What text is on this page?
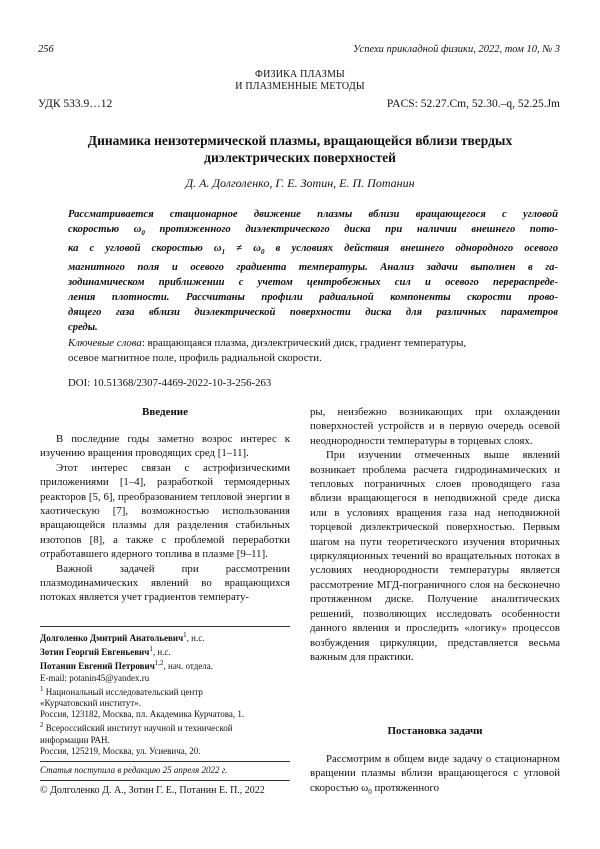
256	Успехи прикладной физики, 2022, том 10, № 3
ФИЗИКА ПЛАЗМЫ
И ПЛАЗМЕННЫЕ МЕТОДЫ
УДК 533.9…12	PACS: 52.27.Cm, 52.30.–q, 52.25.Jm
Динамика неизотермической плазмы, вращающейся вблизи твердых
диэлектрических поверхностей
Д. А. Долголенко, Г. Е. Зотин, Е. П. Потанин
Рассматривается стационарное движение плазмы вблизи вращающегося с угловой
скоростью $\omega_0$ протяженного диэлектрического диска при наличии внешнего пото-
ка с угловой скоростью $\omega_1 \ne \omega_0$ в условиях действия внешнего однородного осевого
магнитного поля и осевого градиента температуры. Анализ задачи выполнен в га-
зодинамическом приближении с учетом центробежных сил и осевого перераспреде-
ления плотности. Рассчитаны профили радиальной компоненты скорости прово-
дящего газа вблизи диэлектрической поверхности диска для различных параметров
среды.
Ключевые слова: вращающаяся плазма, диэлектрический диск, градиент температуры,
осевое магнитное поле, профиль радиальной скорости.
DOI: 10.51368/2307-4469-2022-10-3-256-263
Введение

В последние годы заметно возрос интерес к изучению вращения проводящих сред [1–11].

Этот интерес связан с астрофизическими приложениями [1–4], разработкой термоядерных реакторов [5, 6], преобразованием тепловой энергии в хаотическую [7], возможностью использования вращающейся плазмы для разделения стабильных изотопов [8], а также с проблемой переработки отработавшего ядерного топлива в плазме [9–11].

Важной задачей при рассмотрении плазмодинамических явлений во вращающихся потоках является учет градиентов температу-

Долголенко Дмитрий Анатольевич$^1$, н.с.
Зотин Георгий Евгеньевич$^1$, н.с.
Потанин Евгений Петрович$^{1,2}$, нач. отдела.
E-mail: potanin45@yandex.ru
$^1$ Национальный исследовательский центр
«Курчатовский институт».
Россия, 123182, Москва, пл. Академика Курчатова, 1.
$^2$ Всероссийский институт научной и технической
информации РАН.
Россия, 125219, Москва, ул. Усиевича, 20.
Статья поступила в редакцию 25 апреля 2022 г.
© Долголенко Д. А., Зотин Г. Е., Потанин Е. П., 2022

ры, неизбежно возникающих при охлаждении поверхностей устройств и в первую очередь осевой неоднородности температуры в торцевых слоях.

При изучении отмеченных выше явлений возникает проблема расчета гидродинамических и тепловых пограничных слоев проводящего газа вблизи вращающегося в неподвижной среде диска или в условиях вращения газа над неподвижной торцевой диэлектрической поверхностью. Первым шагом на пути теоретического изучения вторичных циркуляционных течений во вращательных потоках в условиях неоднородности температуры является рассмотрение МГД-пограничного слоя на бесконечно протяженном диске. Получение аналитических решений, позволяющих исследовать особенности данного явления и проследить «логику» процессов возбуждения циркуляции, представляется весьма важным для практики.

Постановка задачи

Рассмотрим в общем виде задачу о стационарном вращении плазмы вблизи вращающегося с угловой скоростью $\omega_0$ протяженного
